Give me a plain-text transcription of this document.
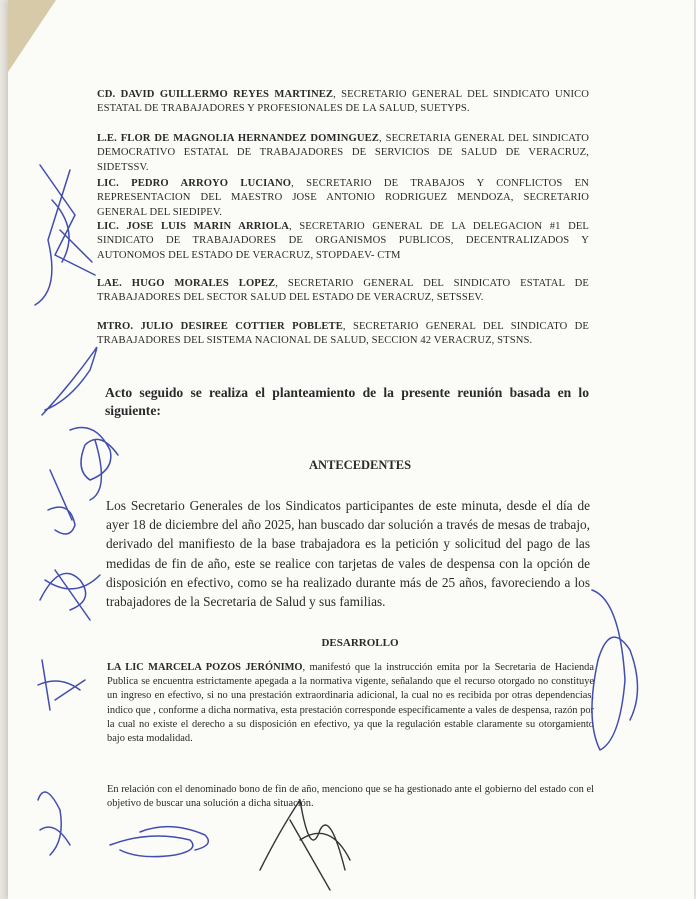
CD. DAVID GUILLERMO REYES MARTINEZ, SECRETARIO GENERAL DEL SINDICATO UNICO ESTATAL DE TRABAJADORES Y PROFESIONALES DE LA SALUD, SUETYPS.
L.E. FLOR DE MAGNOLIA HERNANDEZ DOMINGUEZ, SECRETARIA GENERAL DEL SINDICATO DEMOCRATIVO ESTATAL DE TRABAJADORES DE SERVICIOS DE SALUD DE VERACRUZ, SIDETSSV.
LIC. PEDRO ARROYO LUCIANO, SECRETARIO DE TRABAJOS Y CONFLICTOS EN REPRESENTACION DEL MAESTRO JOSE ANTONIO RODRIGUEZ MENDOZA, SECRETARIO GENERAL DEL SIEDIPEV.
LIC. JOSE LUIS MARIN ARRIOLA, SECRETARIO GENERAL DE LA DELEGACION #1 DEL SINDICATO DE TRABAJADORES DE ORGANISMOS PUBLICOS, DECENTRALIZADOS Y AUTONOMOS DEL ESTADO DE VERACRUZ, STOPDAEV- CTM
LAE. HUGO MORALES LOPEZ, SECRETARIO GENERAL DEL SINDICATO ESTATAL DE TRABAJADORES DEL SECTOR SALUD DEL ESTADO DE VERACRUZ, SETSSEV.
MTRO. JULIO DESIREE COTTIER POBLETE, SECRETARIO GENERAL DEL SINDICATO DE TRABAJADORES DEL SISTEMA NACIONAL DE SALUD, SECCION 42 VERACRUZ, STSNS.
Acto seguido se realiza el planteamiento de la presente reunión basada en lo siguiente:
ANTECEDENTES
Los Secretario Generales de los Sindicatos participantes de este minuta, desde el día de ayer 18 de diciembre del año 2025, han buscado dar solución a través de mesas de trabajo, derivado del manifiesto de la base trabajadora es la petición y solicitud del pago de las medidas de fin de año, este se realice con tarjetas de vales de despensa con la opción de disposición en efectivo, como se ha realizado durante más de 25 años, favoreciendo a los trabajadores de la Secretaria de Salud y sus familias.
DESARROLLO
LA LIC MARCELA POZOS JERÓNIMO, manifestó que la instrucción emita por la Secretaria de Hacienda Publica se encuentra estrictamente apegada a la normativa vigente, señalando que el recurso otorgado no constituye un ingreso en efectivo, si no una prestación extraordinaria adicional, la cual no es recibida por otras dependencias, indico que , conforme a dicha normativa, esta prestación corresponde específicamente a vales de despensa, razón por la cual no existe el derecho a su disposición en efectivo, ya que la regulación estable claramente su otorgamiento bajo esta modalidad.
En relación con el denominado bono de fin de año, menciono que se ha gestionado ante el gobierno del estado con el objetivo de buscar una solución a dicha situación.
